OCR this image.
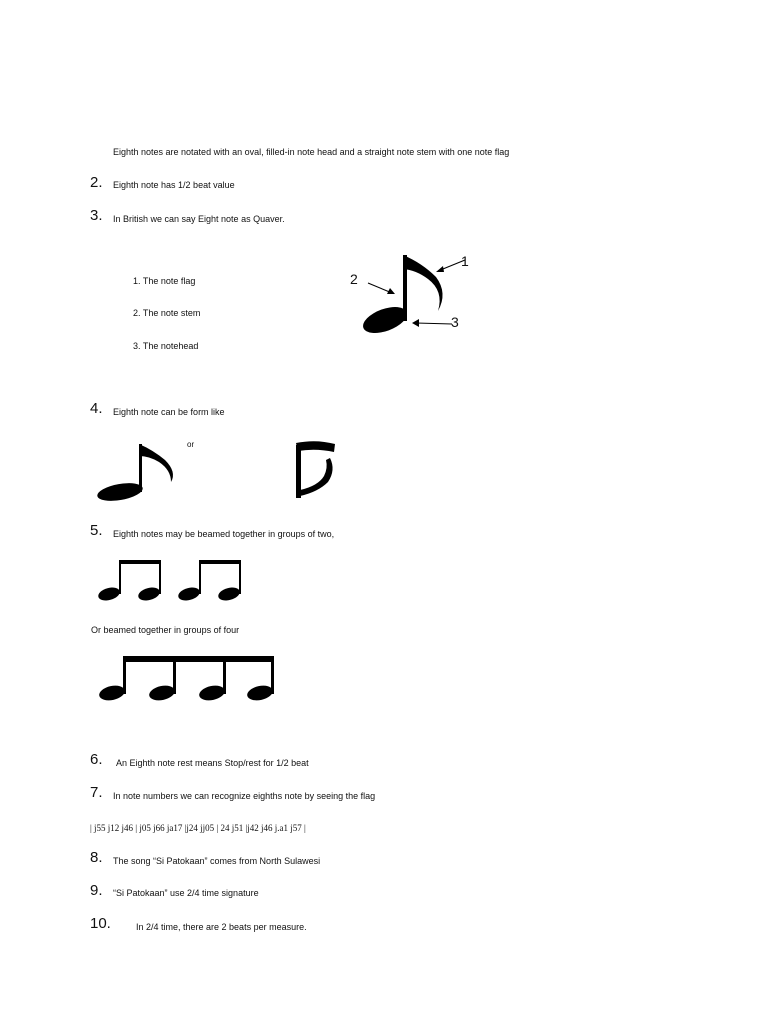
Eighth notes are notated with an oval, filled-in note head and a straight note stem with one note flag
2. Eighth note has 1/2 beat value
3. In British we can say Eight note as Quaver.
1. The note flag
2. The note stem
3. The notehead
1
2
3
4. Eighth note can be form like
or
5. Eighth notes may be beamed together in groups of two,
Or beamed together in groups of four
6. An Eighth note rest means Stop/rest for 1/2 beat
7. In note numbers we can recognize eighths note by seeing the flag
| j55 j12 j46 | j05 j66 ja17 |j24 jj05 | 24 j51 |j42 j46 j.a1 j57 |
8. The song “Si Patokaan” comes from North Sulawesi
9. “Si Patokaan” use 2/4 time signature
10.	In 2/4 time, there are 2 beats per measure.
